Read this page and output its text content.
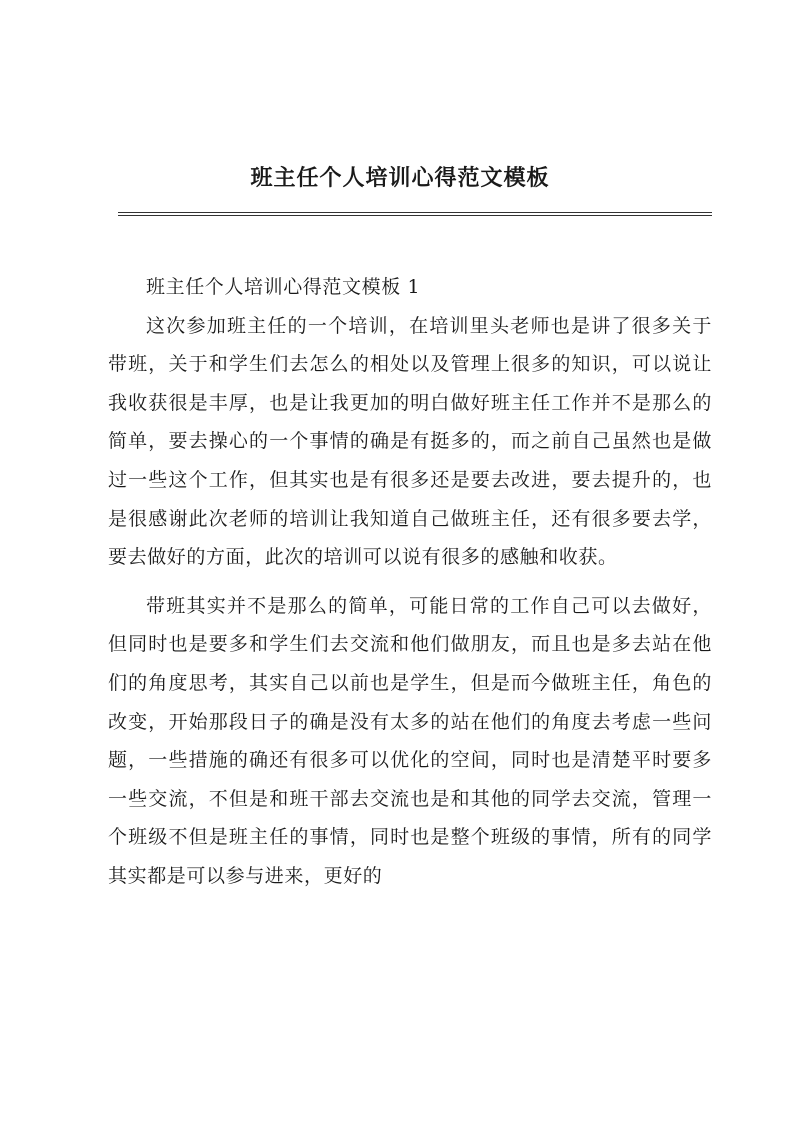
班主任个人培训心得范文模板

班主任个人培训心得范文模板 1

这次参加班主任的一个培训，在培训里头老师也是讲了很多关于带班，关于和学生们去怎么的相处以及管理上很多的知识，可以说让我收获很是丰厚，也是让我更加的明白做好班主任工作并不是那么的简单，要去操心的一个事情的确是有挺多的，而之前自己虽然也是做过一些这个工作，但其实也是有很多还是要去改进，要去提升的，也是很感谢此次老师的培训让我知道自己做班主任，还有很多要去学，要去做好的方面，此次的培训可以说有很多的感触和收获。

带班其实并不是那么的简单，可能日常的工作自己可以去做好，但同时也是要多和学生们去交流和他们做朋友，而且也是多去站在他们的角度思考，其实自己以前也是学生，但是而今做班主任，角色的改变，开始那段日子的确是没有太多的站在他们的角度去考虑一些问题，一些措施的确还有很多可以优化的空间，同时也是清楚平时要多一些交流，不但是和班干部去交流也是和其他的同学去交流，管理一个班级不但是班主任的事情，同时也是整个班级的事情，所有的同学其实都是可以参与进来，更好的
